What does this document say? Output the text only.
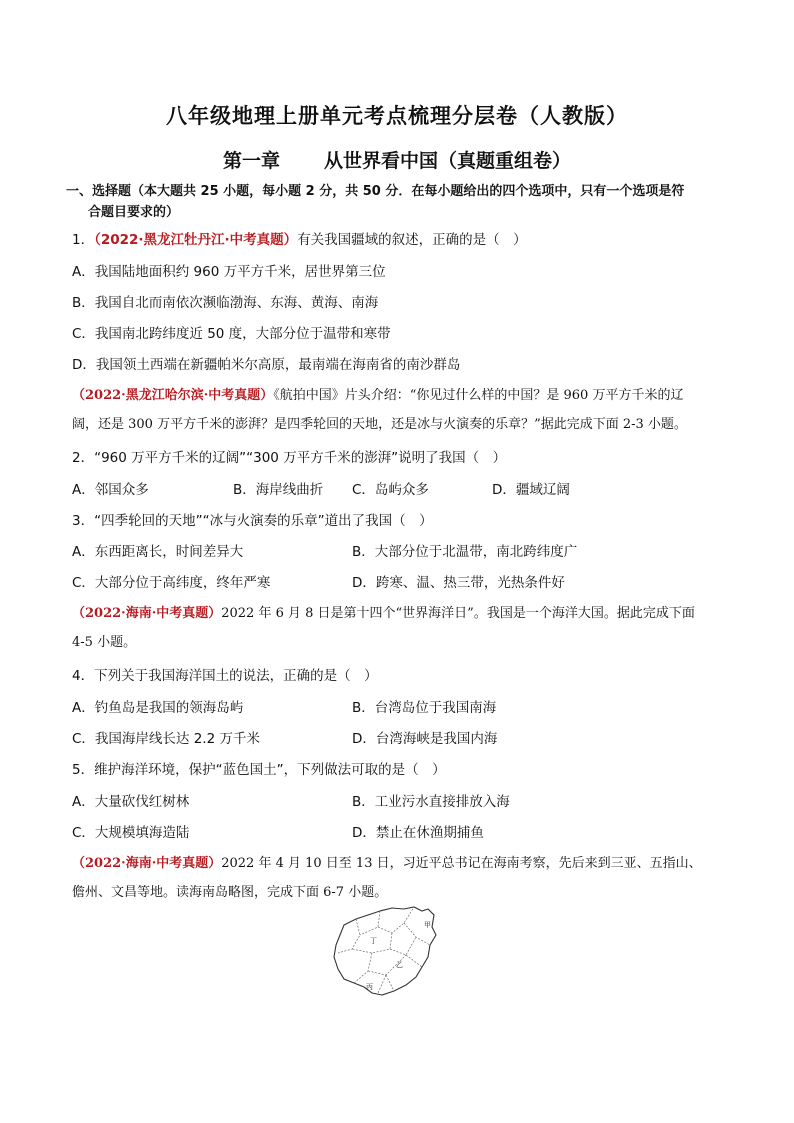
八年级地理上册单元考点梳理分层卷（人教版）
第一章 从世界看中国（真题重组卷）
一、选择题（本大题共 25 小题，每小题 2 分，共 50 分．在每小题给出的四个选项中，只有一个选项是符
合题目要求的）
1．（2022·黑龙江牡丹江·中考真题）有关我国疆域的叙述，正确的是（　）
A．我国陆地面积约 960 万平方千米，居世界第三位
B．我国自北而南依次濒临渤海、东海、黄海、南海
C．我国南北跨纬度近 50 度，大部分位于温带和寒带
D．我国领土西端在新疆帕米尔高原，最南端在海南省的南沙群岛
（2022·黑龙江哈尔滨·中考真题）《航拍中国》片头介绍：“你见过什么样的中国？是 960 万平方千米的辽
阔，还是 300 万平方千米的澎湃？是四季轮回的天地，还是冰与火演奏的乐章？”据此完成下面 2-3 小题。
2．“960 万平方千米的辽阔”“300 万平方千米的澎湃”说明了我国（　）
A．邻国众多	B．海岸线曲折 C．岛屿众多	D．疆域辽阔
3．“四季轮回的天地”“冰与火演奏的乐章”道出了我国（　）
A．东西距离长，时间差异大	B．大部分位于北温带，南北跨纬度广
C．大部分位于高纬度，终年严寒	D．跨寒、温、热三带，光热条件好
（2022·海南·中考真题）2022 年 6 月 8 日是第十四个“世界海洋日”。我国是一个海洋大国。据此完成下面
4-5 小题。
4．下列关于我国海洋国土的说法，正确的是（　）
A．钓鱼岛是我国的领海岛屿	B．台湾岛位于我国南海
C．我国海岸线长达 2.2 万千米	D．台湾海峡是我国内海
5．维护海洋环境，保护“蓝色国土”，下列做法可取的是（　）
A．大量砍伐红树林	B．工业污水直接排放入海
C．大规模填海造陆	D．禁止在休渔期捕鱼
（2022·海南·中考真题）2022 年 4 月 10 日至 13 日，习近平总书记在海南考察，先后来到三亚、五指山、
儋州、文昌等地。读海南岛略图，完成下面 6-7 小题。
甲
丁
乙
丙
